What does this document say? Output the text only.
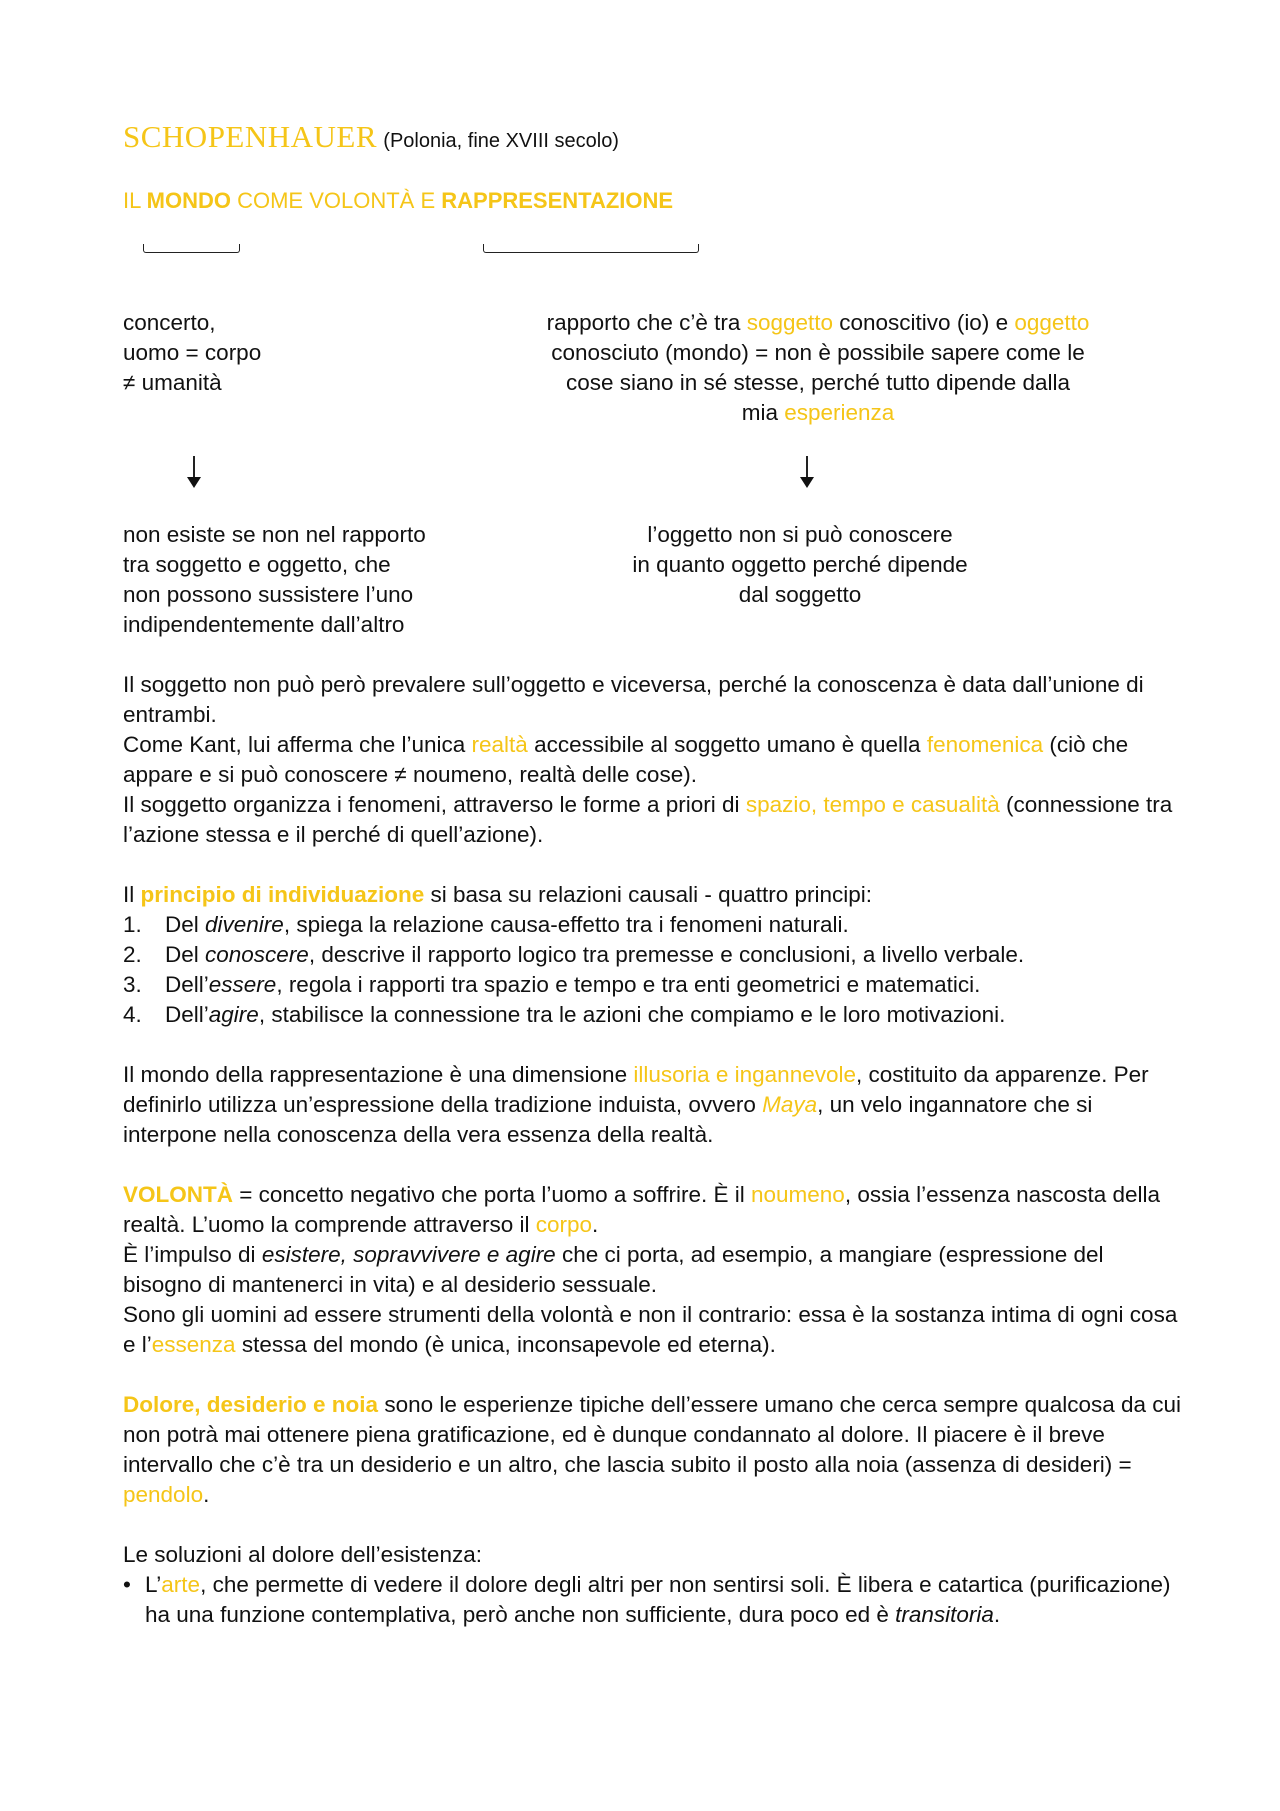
SCHOPENHAUER (Polonia, fine XVIII secolo)
IL MONDO COME VOLONTÀ E RAPPRESENTAZIONE
concerto,
uomo = corpo
≠ umanità
rapporto che c’è tra soggetto conoscitivo (io) e oggetto
conosciuto (mondo) = non è possibile sapere come le
cose siano in sé stesse, perché tutto dipende dalla
mia esperienza
non esiste se non nel rapporto
tra soggetto e oggetto, che
non possono sussistere l’uno
indipendentemente dall’altro
l’oggetto non si può conoscere
in quanto oggetto perché dipende
dal soggetto

Il soggetto non può però prevalere sull’oggetto e viceversa, perché la conoscenza è data dall’unione di entrambi.

Come Kant, lui afferma che l’unica realtà accessibile al soggetto umano è quella fenomenica (ciò che appare e si può conoscere ≠ noumeno, realtà delle cose).

Il soggetto organizza i fenomeni, attraverso le forme a priori di spazio, tempo e casualità (connessione tra l’azione stessa e il perché di quell’azione).

Il principio di individuazione si basa su relazioni causali - quattro principi:

1.	Del divenire, spiega la relazione causa-effetto tra i fenomeni naturali.
2.	Del conoscere, descrive il rapporto logico tra premesse e conclusioni, a livello verbale.
3.	Dell’essere, regola i rapporti tra spazio e tempo e tra enti geometrici e matematici.
4.	Dell’agire, stabilisce la connessione tra le azioni che compiamo e le loro motivazioni.

Il mondo della rappresentazione è una dimensione illusoria e ingannevole, costituito da apparenze. Per definirlo utilizza un’espressione della tradizione induista, ovvero Maya, un velo ingannatore che si interpone nella conoscenza della vera essenza della realtà.

VOLONTÀ = concetto negativo che porta l’uomo a soffrire. È il noumeno, ossia l’essenza nascosta della realtà. L’uomo la comprende attraverso il corpo.

È l’impulso di esistere, sopravvivere e agire che ci porta, ad esempio, a mangiare (espressione del bisogno di mantenerci in vita) e al desiderio sessuale.

Sono gli uomini ad essere strumenti della volontà e non il contrario: essa è la sostanza intima di ogni cosa e l’essenza stessa del mondo (è unica, inconsapevole ed eterna).

Dolore, desiderio e noia sono le esperienze tipiche dell’essere umano che cerca sempre qualcosa da cui non potrà mai ottenere piena gratificazione, ed è dunque condannato al dolore. Il piacere è il breve intervallo che c’è tra un desiderio e un altro, che lascia subito il posto alla noia (assenza di desideri) = pendolo.

Le soluzioni al dolore dell’esistenza:

• L’arte, che permette di vedere il dolore degli altri per non sentirsi soli. È libera e catartica (purificazione) ha una funzione contemplativa, però anche non sufficiente, dura poco ed è transitoria.
